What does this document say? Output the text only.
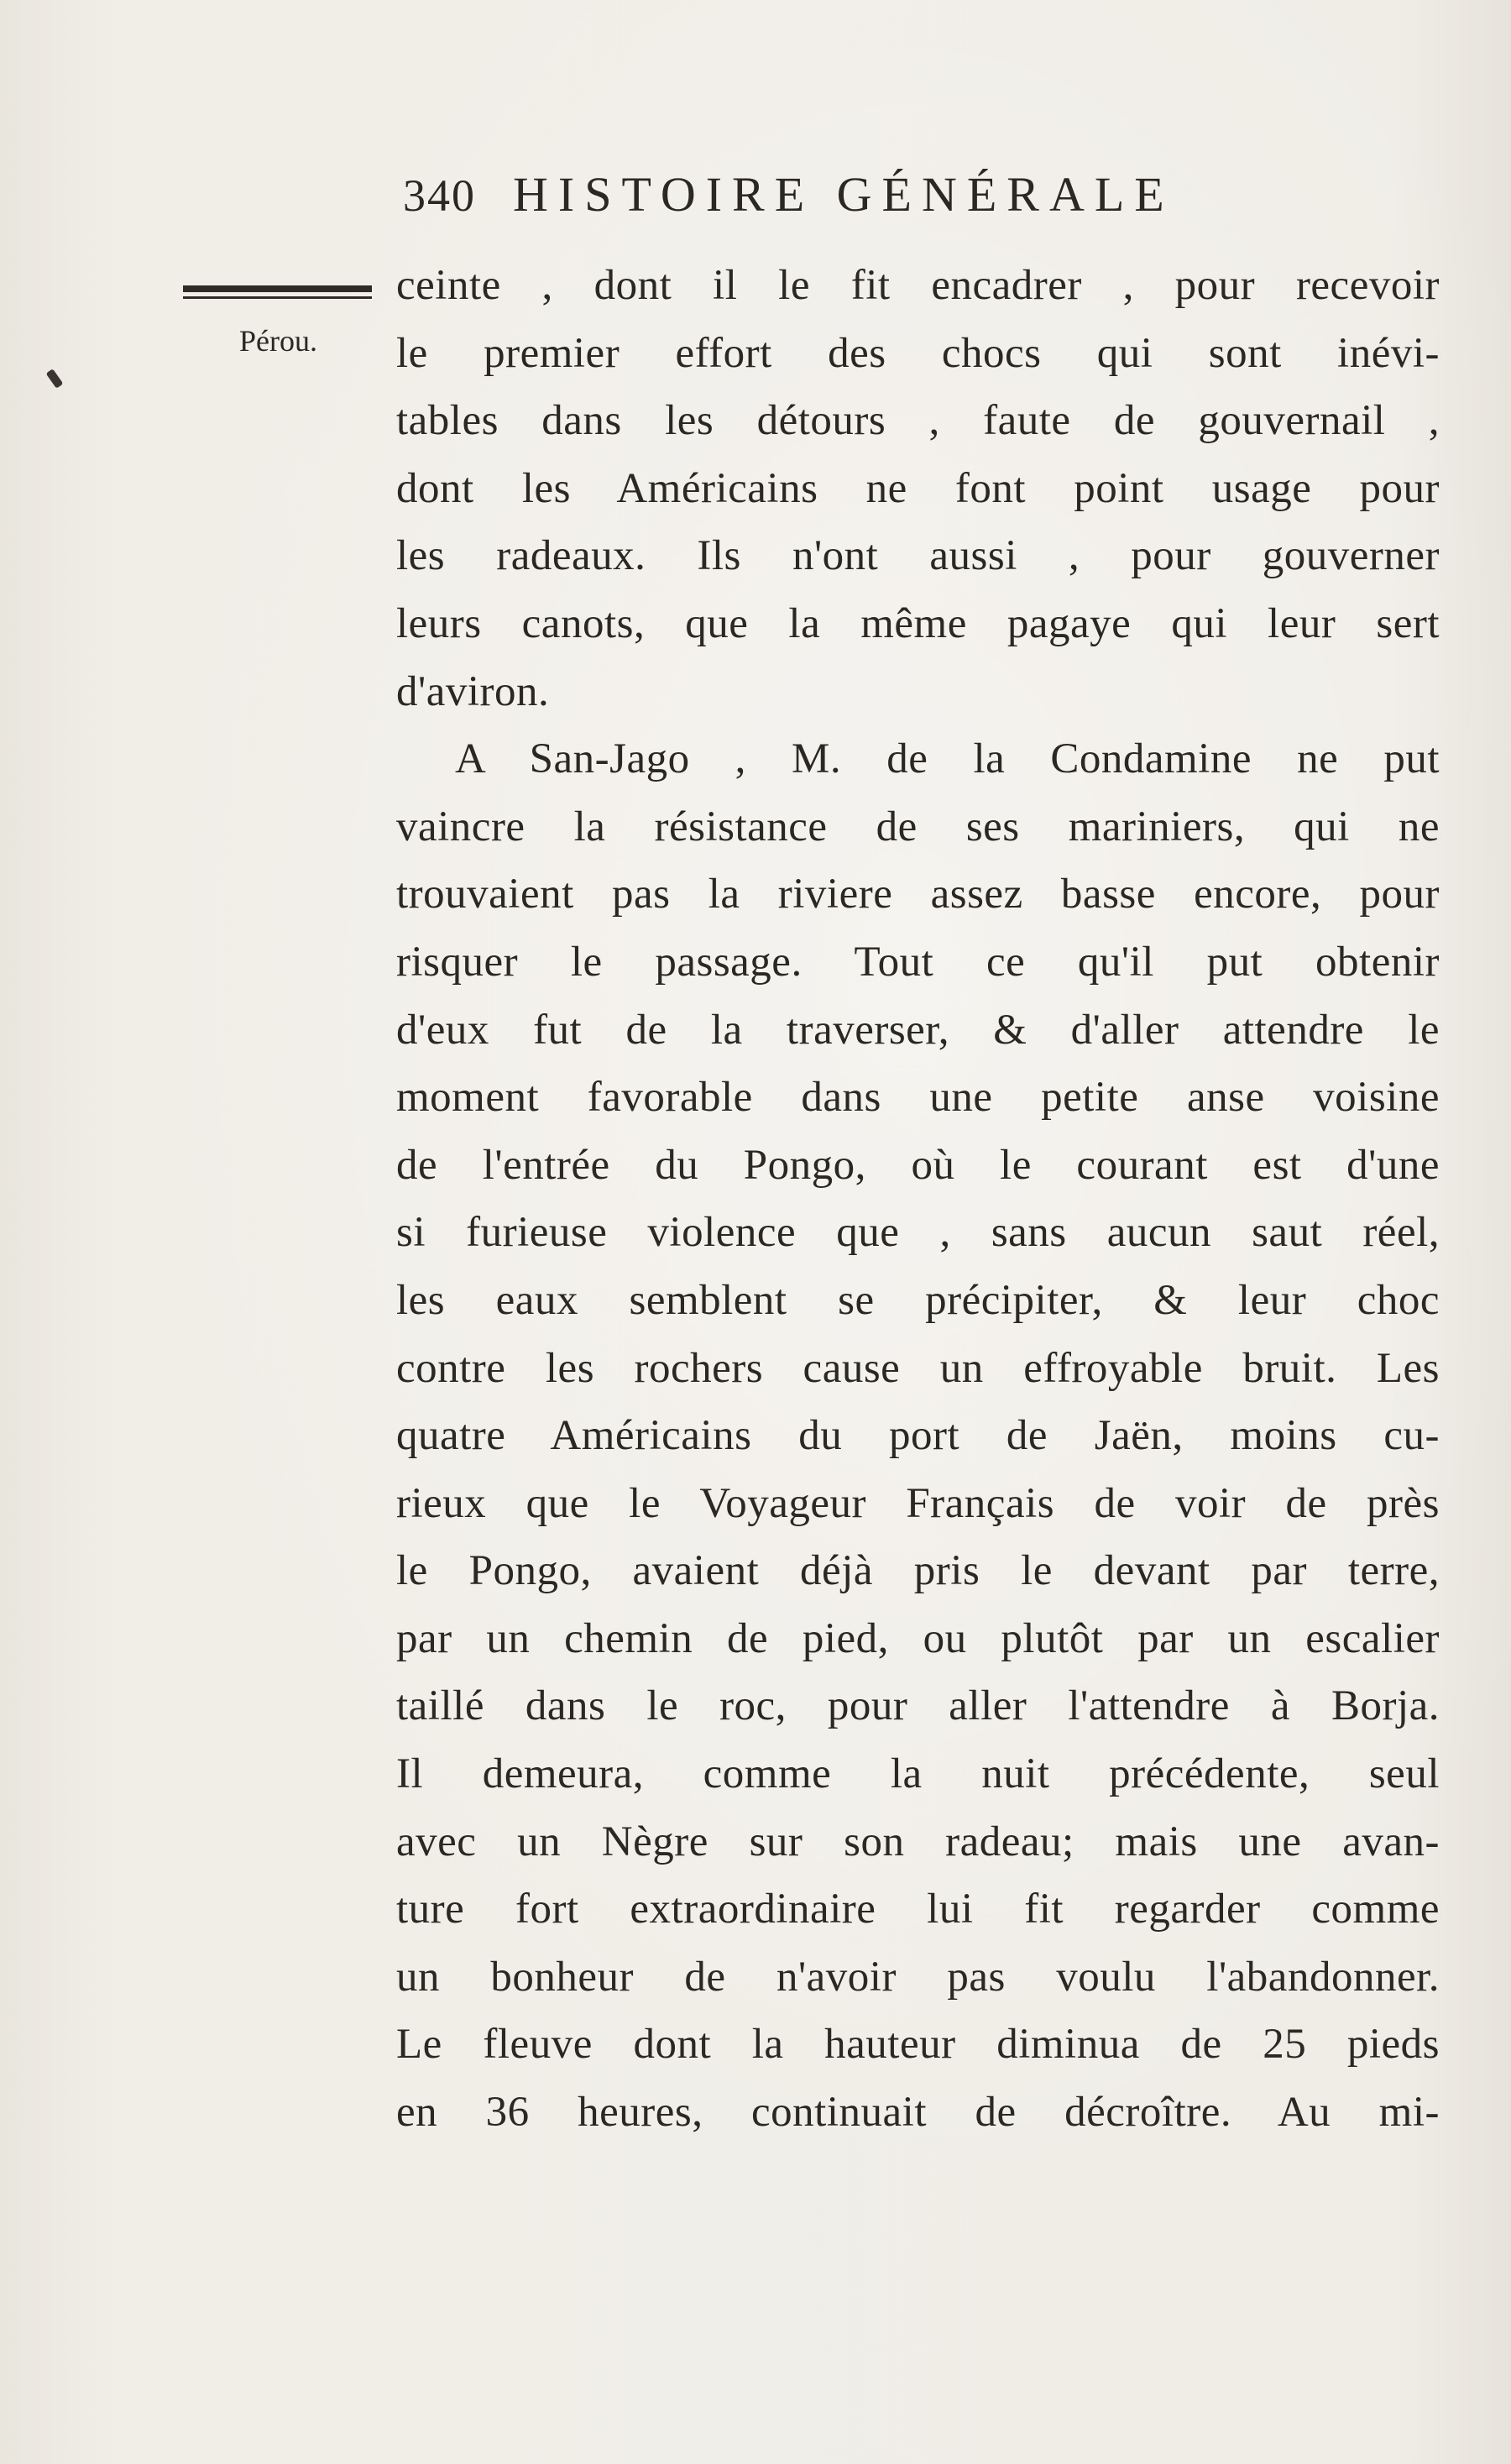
340 HISTOIRE GÉNÉRALE
Pérou.
ceinte , dont il le fit encadrer , pour recevoir
le premier effort des chocs qui sont inévi-
tables dans les détours , faute de gouvernail ,
dont les Américains ne font point usage pour
les radeaux. Ils n'ont aussi , pour gouverner
leurs canots, que la même pagaye qui leur sert
d'aviron.
A San-Jago , M. de la Condamine ne put
vaincre la résistance de ses mariniers, qui ne
trouvaient pas la riviere assez basse encore, pour
risquer le passage. Tout ce qu'il put obtenir
d'eux fut de la traverser, & d'aller attendre le
moment favorable dans une petite anse voisine
de l'entrée du Pongo, où le courant est d'une
si furieuse violence que , sans aucun saut réel,
les eaux semblent se précipiter, & leur choc
contre les rochers cause un effroyable bruit. Les
quatre Américains du port de Jaën, moins cu-
rieux que le Voyageur Français de voir de près
le Pongo, avaient déjà pris le devant par terre,
par un chemin de pied, ou plutôt par un escalier
taillé dans le roc, pour aller l'attendre à Borja.
Il demeura, comme la nuit précédente, seul
avec un Nègre sur son radeau; mais une avan-
ture fort extraordinaire lui fit regarder comme
un bonheur de n'avoir pas voulu l'abandonner.
Le fleuve dont la hauteur diminua de 25 pieds
en 36 heures, continuait de décroître. Au mi-
